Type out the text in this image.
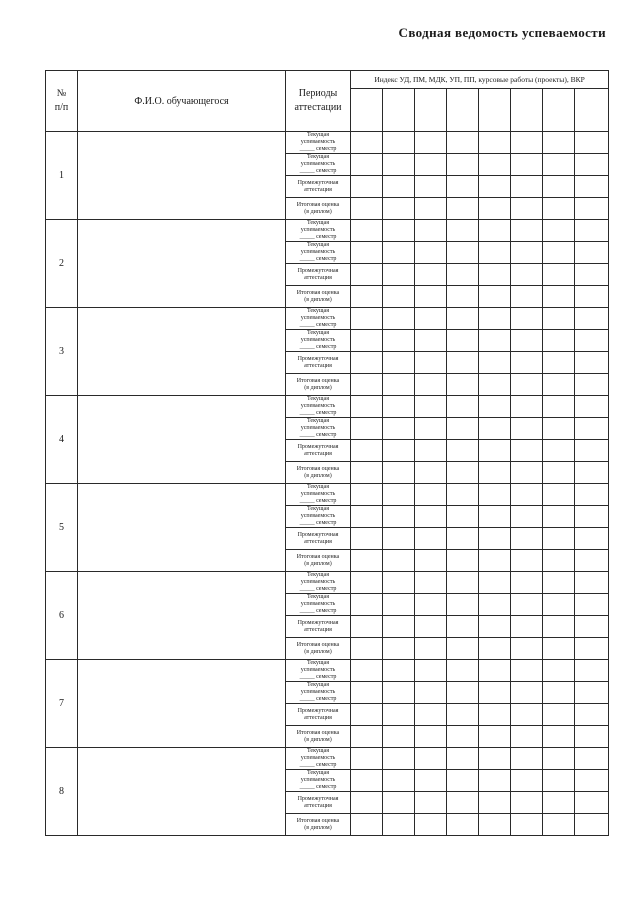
Сводная ведомость успеваемости
№
п/п	Ф.И.О. обучающегося	Периоды
аттестации	Индекс УД, ПМ, МДК, УП, ПП, курсовые работы (проекты), ВКР							

1		Текущая
успеваемость
_____ семестр								
		Текущая
успеваемость
_____ семестр								
		Промежуточная
аттестация								
		Итоговая оценка
(в диплом)								
2		Текущая
успеваемость
_____ семестр								
		Текущая
успеваемость
_____ семестр								
		Промежуточная
аттестация								
		Итоговая оценка
(в диплом)								
3		Текущая
успеваемость
_____ семестр								
		Текущая
успеваемость
_____ семестр								
		Промежуточная
аттестация								
		Итоговая оценка
(в диплом)								
4		Текущая
успеваемость
_____ семестр								
		Текущая
успеваемость
_____ семестр								
		Промежуточная
аттестация								
		Итоговая оценка
(в диплом)								
5		Текущая
успеваемость
_____ семестр								
		Текущая
успеваемость
_____ семестр								
		Промежуточная
аттестация								
		Итоговая оценка
(в диплом)								
6		Текущая
успеваемость
_____ семестр								
		Текущая
успеваемость
_____ семестр								
		Промежуточная
аттестация								
		Итоговая оценка
(в диплом)								
7		Текущая
успеваемость
_____ семестр								
		Текущая
успеваемость
_____ семестр								
		Промежуточная
аттестация								
		Итоговая оценка
(в диплом)								
8		Текущая
успеваемость
_____ семестр								
		Текущая
успеваемость
_____ семестр								
		Промежуточная
аттестация								
		Итоговая оценка
(в диплом)								
